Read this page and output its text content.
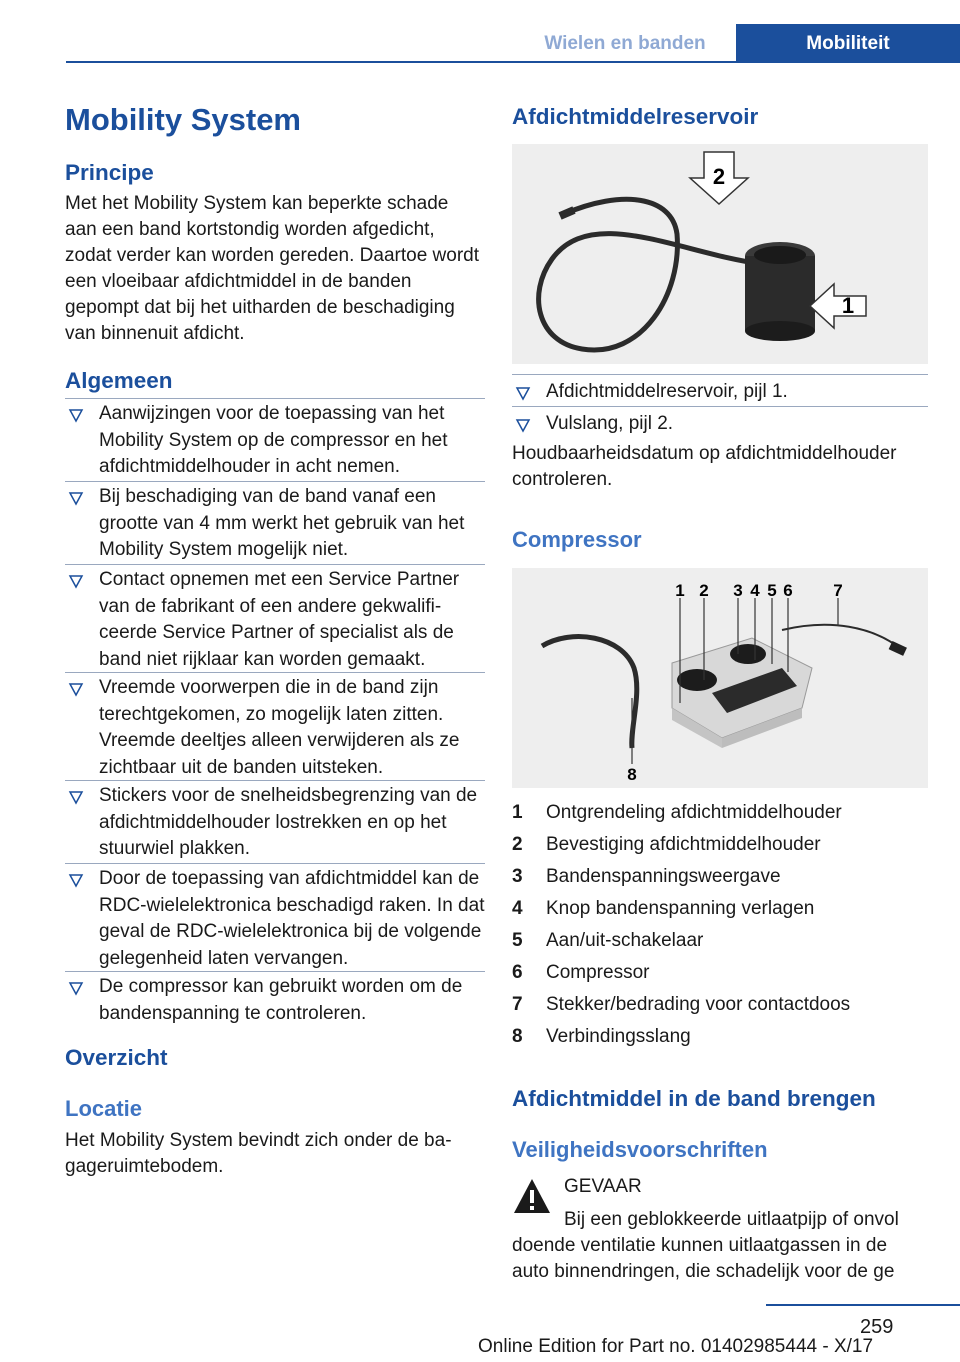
Wielen en banden	Mobiliteit
Mobility System
Principe
Met het Mobility System kan beperkte schade aan een band kortstondig worden afgedicht, zodat verder kan worden gereden. Daartoe wordt een vloeibaar afdichtmiddel in de banden gepompt dat bij het uitharden de beschadiging van binnenuit afdicht.
Algemeen
Aanwijzingen voor de toepassing van het Mobility System op de compressor en het afdichtmiddelhouder in acht nemen.
Bij beschadiging van de band vanaf een grootte van 4 mm werkt het gebruik van het Mobility System mogelijk niet.
Contact opnemen met een Service Partner van de fabrikant of een andere gekwalificeerde Service Partner of specialist als de band niet rijklaar kan worden gemaakt.
Vreemde voorwerpen die in de band zijn terechtgekomen, zo mogelijk laten zitten. Vreemde deeltjes alleen verwijderen als ze zichtbaar uit de banden uitsteken.
Stickers voor de snelheidsbegrenzing van de afdichtmiddelhouder lostrekken en op het stuurwiel plakken.
Door de toepassing van afdichtmiddel kan de RDC-wielelektronica beschadigd raken. In dat geval de RDC-wielelektronica bij de volgende gelegenheid laten vervangen.
De compressor kan gebruikt worden om de bandenspanning te controleren.
Overzicht
Locatie
Het Mobility System bevindt zich onder de bagageruimtebodem.
Afdichtmiddelreservoir
2
1
Afdichtmiddelreservoir, pijl 1.
Vulslang, pijl 2.
Houdbaarheidsdatum op afdichtmiddelhouder controleren.
Compressor
1 2 3 4 5 6 7
8
1 Ontgrendeling afdichtmiddelhouder
2 Bevestiging afdichtmiddelhouder
3 Bandenspanningsweergave
4 Knop bandenspanning verlagen
5 Aan/uit-schakelaar
6 Compressor
7 Stekker/bedrading voor contactdoos
8 Verbindingsslang
Afdichtmiddel in de band brengen
Veiligheidsvoorschriften
GEVAAR
Bij een geblokkeerde uitlaatpijp of onvol
doende ventilatie kunnen uitlaatgassen in de auto binnendringen, die schadelijk voor de ge
259
Online Edition for Part no. 01402985444 - X/17
